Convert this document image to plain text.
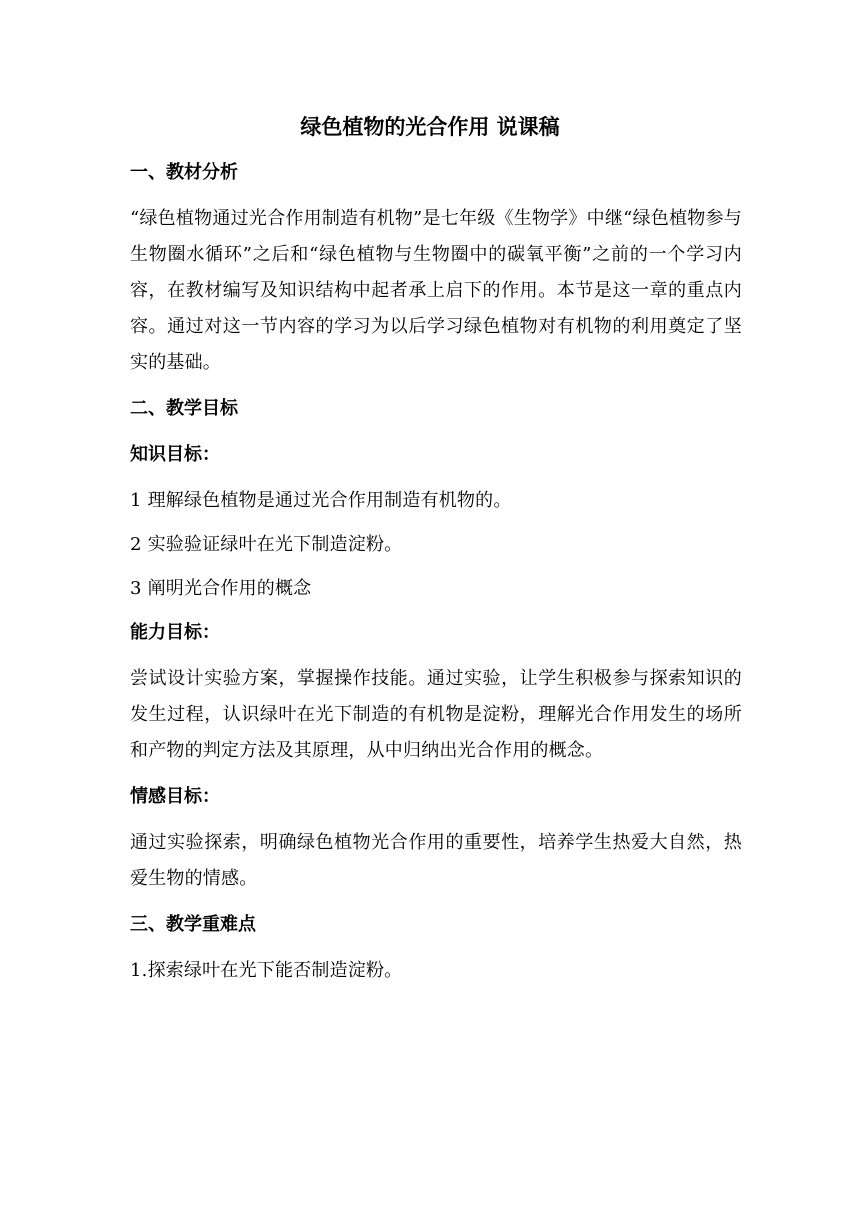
绿色植物的光合作用 说课稿
一、教材分析
“绿色植物通过光合作用制造有机物”是七年级《生物学》中继“绿色植物参与生物圈水循环”之后和“绿色植物与生物圈中的碳氧平衡”之前的一个学习内容，在教材编写及知识结构中起者承上启下的作用。本节是这一章的重点内容。通过对这一节内容的学习为以后学习绿色植物对有机物的利用奠定了坚实的基础。
二、教学目标
知识目标：
1 理解绿色植物是通过光合作用制造有机物的。
2 实验验证绿叶在光下制造淀粉。
3 阐明光合作用的概念
能力目标：
尝试设计实验方案，掌握操作技能。通过实验，让学生积极参与探索知识的发生过程，认识绿叶在光下制造的有机物是淀粉，理解光合作用发生的场所和产物的判定方法及其原理，从中归纳出光合作用的概念。
情感目标：
通过实验探索，明确绿色植物光合作用的重要性，培养学生热爱大自然，热爱生物的情感。
三、教学重难点
1.探索绿叶在光下能否制造淀粉。
